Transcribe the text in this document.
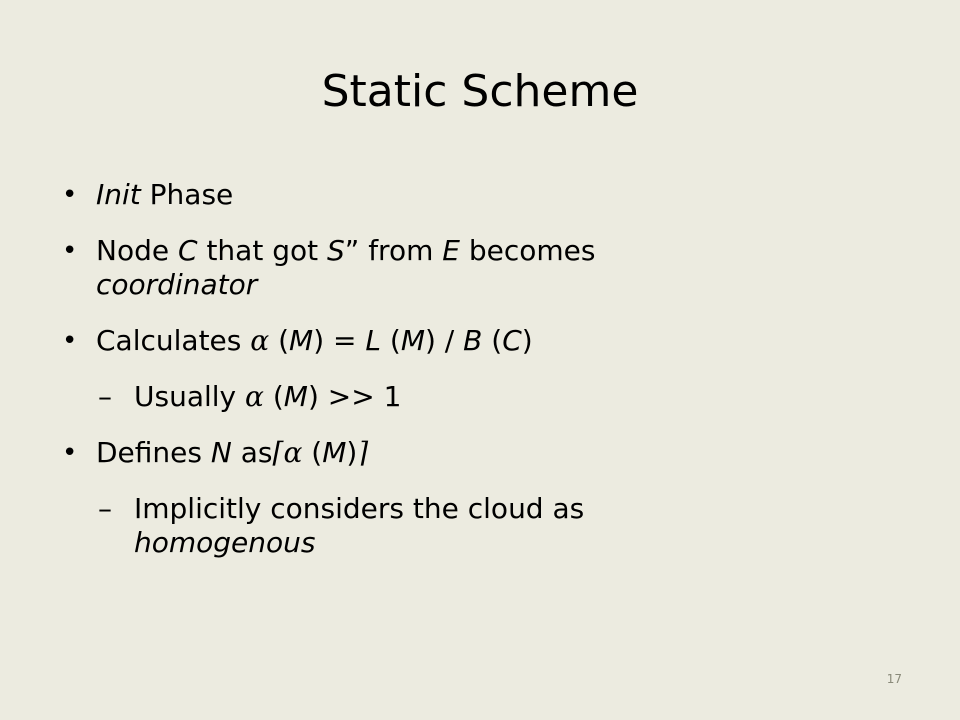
Static Scheme
• Init Phase
• Node C that got S” from E becomes
coordinator
• Calculates α (M) = L (M) / B (C)
– Usually α (M) >> 1
• Defines N as⌈α (M)⌉
– Implicitly considers the cloud as
homogenous
17
